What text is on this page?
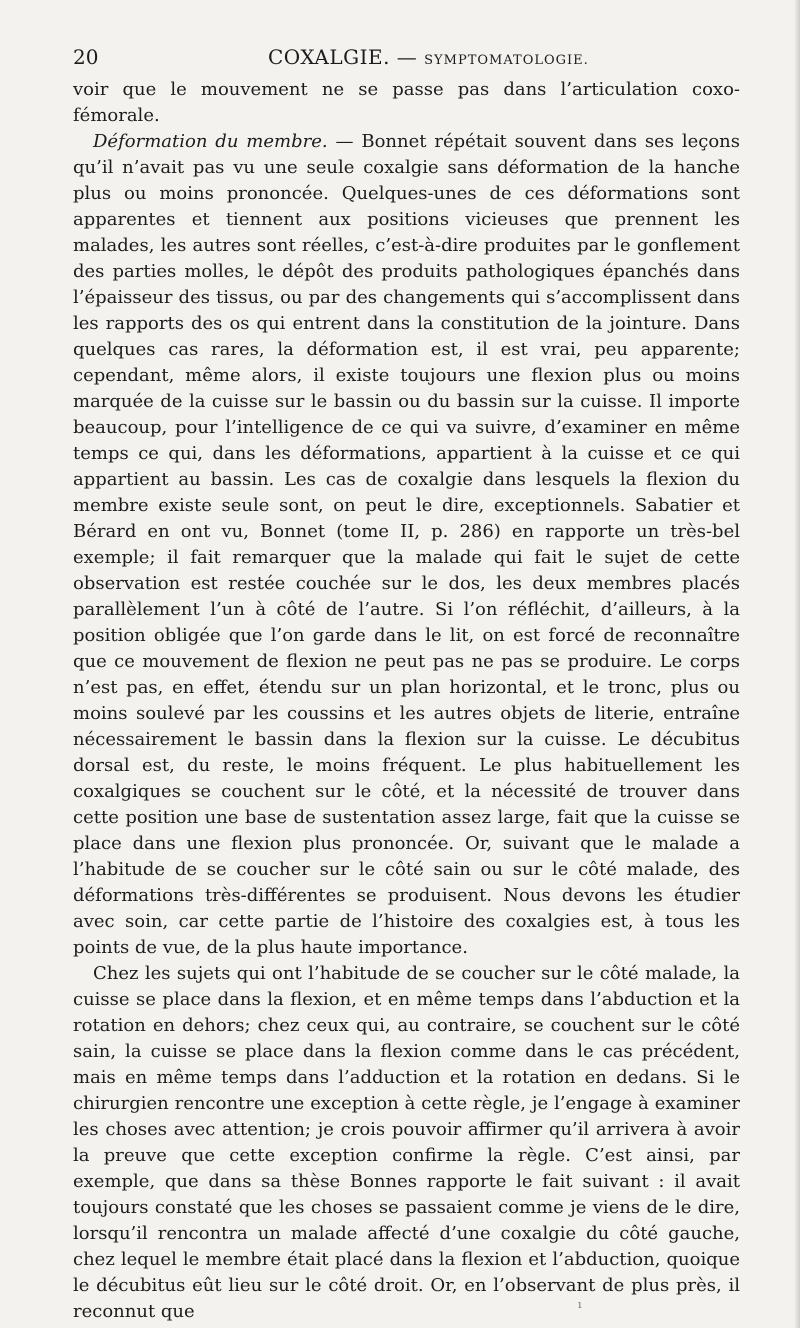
20	COXALGIE. — SYMPTOMATOLOGIE.

voir que le mouvement ne se passe pas dans l’articulation coxo-fémorale.

Déformation du membre. — Bonnet répétait souvent dans ses leçons qu’il n’avait pas vu une seule coxalgie sans déformation de la hanche plus ou moins prononcée. Quelques-unes de ces déformations sont apparentes et tiennent aux positions vicieuses que prennent les malades, les autres sont réelles, c’est-à-dire produites par le gonflement des parties molles, le dépôt des produits pathologiques épanchés dans l’épaisseur des tissus, ou par des changements qui s’accomplissent dans les rapports des os qui entrent dans la constitution de la jointure. Dans quelques cas rares, la déformation est, il est vrai, peu apparente; cependant, même alors, il existe toujours une flexion plus ou moins marquée de la cuisse sur le bassin ou du bassin sur la cuisse. Il importe beaucoup, pour l’intelligence de ce qui va suivre, d’examiner en même temps ce qui, dans les déformations, appartient à la cuisse et ce qui appartient au bassin. Les cas de coxalgie dans lesquels la flexion du membre existe seule sont, on peut le dire, exceptionnels. Sabatier et Bérard en ont vu, Bonnet (tome II, p. 286) en rapporte un très-bel exemple; il fait remarquer que la malade qui fait le sujet de cette observation est restée couchée sur le dos, les deux membres placés parallèlement l’un à côté de l’autre. Si l’on réfléchit, d’ailleurs, à la position obligée que l’on garde dans le lit, on est forcé de reconnaître que ce mouvement de flexion ne peut pas ne pas se produire. Le corps n’est pas, en effet, étendu sur un plan horizontal, et le tronc, plus ou moins soulevé par les coussins et les autres objets de literie, entraîne nécessairement le bassin dans la flexion sur la cuisse. Le décubitus dorsal est, du reste, le moins fréquent. Le plus habituellement les coxalgiques se couchent sur le côté, et la nécessité de trouver dans cette position une base de sustentation assez large, fait que la cuisse se place dans une flexion plus prononcée. Or, suivant que le malade a l’habitude de se coucher sur le côté sain ou sur le côté malade, des déformations très-différentes se produisent. Nous devons les étudier avec soin, car cette partie de l’histoire des coxalgies est, à tous les points de vue, de la plus haute importance.

Chez les sujets qui ont l’habitude de se coucher sur le côté malade, la cuisse se place dans la flexion, et en même temps dans l’abduction et la rotation en dehors; chez ceux qui, au contraire, se couchent sur le côté sain, la cuisse se place dans la flexion comme dans le cas précédent, mais en même temps dans l’adduction et la rotation en dedans. Si le chirurgien rencontre une exception à cette règle, je l’engage à examiner les choses avec attention; je crois pouvoir affirmer qu’il arrivera à avoir la preuve que cette exception confirme la règle. C’est ainsi, par exemple, que dans sa thèse Bonnes rapporte le fait suivant : il avait toujours constaté que les choses se passaient comme je viens de le dire, lorsqu’il rencontra un malade affecté d’une coxalgie du côté gauche, chez lequel le membre était placé dans la flexion et l’abduction, quoique le décubitus eût lieu sur le côté droit. Or, en l’observant de plus près, il reconnut que	ı
